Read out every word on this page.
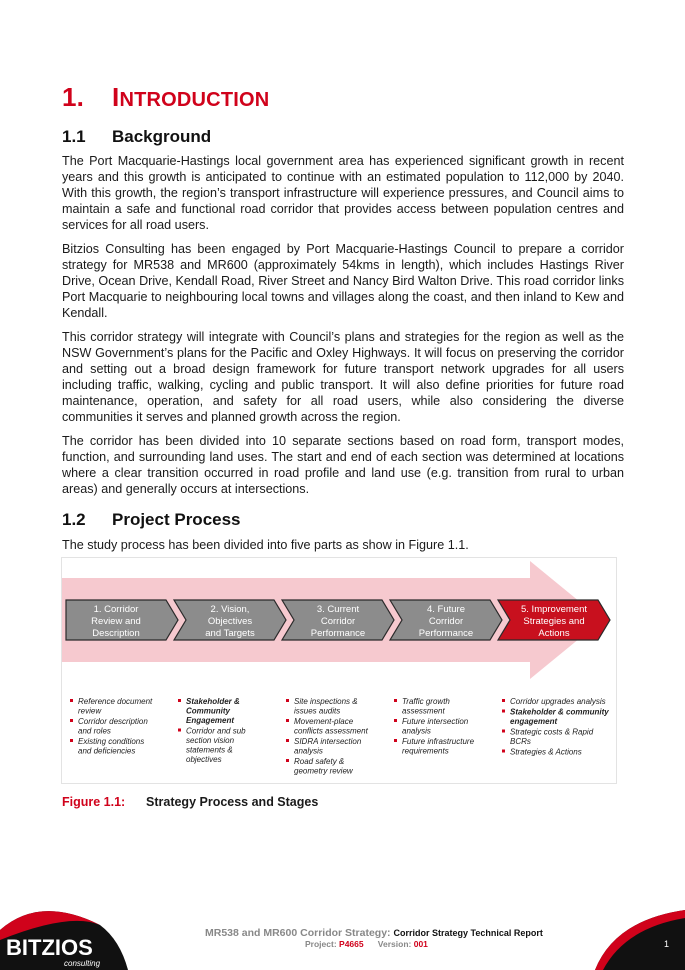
1. INTRODUCTION
1.1 Background

The Port Macquarie-Hastings local government area has experienced significant growth in recent years and this growth is anticipated to continue with an estimated population to 112,000 by 2040. With this growth, the region’s transport infrastructure will experience pressures, and Council aims to maintain a safe and functional road corridor that provides access between population centres and services for all road users.

Bitzios Consulting has been engaged by Port Macquarie-Hastings Council to prepare a corridor strategy for MR538 and MR600 (approximately 54kms in length), which includes Hastings River Drive, Ocean Drive, Kendall Road, River Street and Nancy Bird Walton Drive. This road corridor links Port Macquarie to neighbouring local towns and villages along the coast, and then inland to Kew and Kendall.

This corridor strategy will integrate with Council’s plans and strategies for the region as well as the NSW Government’s plans for the Pacific and Oxley Highways. It will focus on preserving the corridor and setting out a broad design framework for future transport network upgrades for all users including traffic, walking, cycling and public transport. It will also define priorities for future road maintenance, operation, and safety for all road users, while also considering the diverse communities it serves and planned growth across the region.

The corridor has been divided into 10 separate sections based on road form, transport modes, function, and surrounding land uses. The start and end of each section was determined at locations where a clear transition occurred in road profile and land use (e.g. transition from rural to urban areas) and generally occurs at intersections.

1.2 Project Process

The study process has been divided into five parts as show in Figure 1.1.

1. Corridor
Review and
Description
2. Vision,
Objectives
and Targets
3. Current
Corridor
Performance
4. Future
Corridor
Performance
5. Improvement
Strategies and
Actions
Reference document
review
Corridor description
and roles
Existing conditions
and deficiencies
Stakeholder &
Community
Engagement
Corridor and sub
section vision
statements &
objectives
Site inspections &
issues audits
Movement-place
conflicts assessment
SIDRA intersection
analysis
Road safety &
geometry review
Traffic growth
assessment
Future intersection
analysis
Future infrastructure
requirements
Corridor upgrades analysis
Stakeholder & community
engagement
Strategic costs & Rapid
BCRs
Strategies & Actions
Figure 1.1: Strategy Process and Stages
BITZIOS
consulting
MR538 and MR600 Corridor Strategy: Corridor Strategy Technical Report
Project: P4665 Version: 001	1
